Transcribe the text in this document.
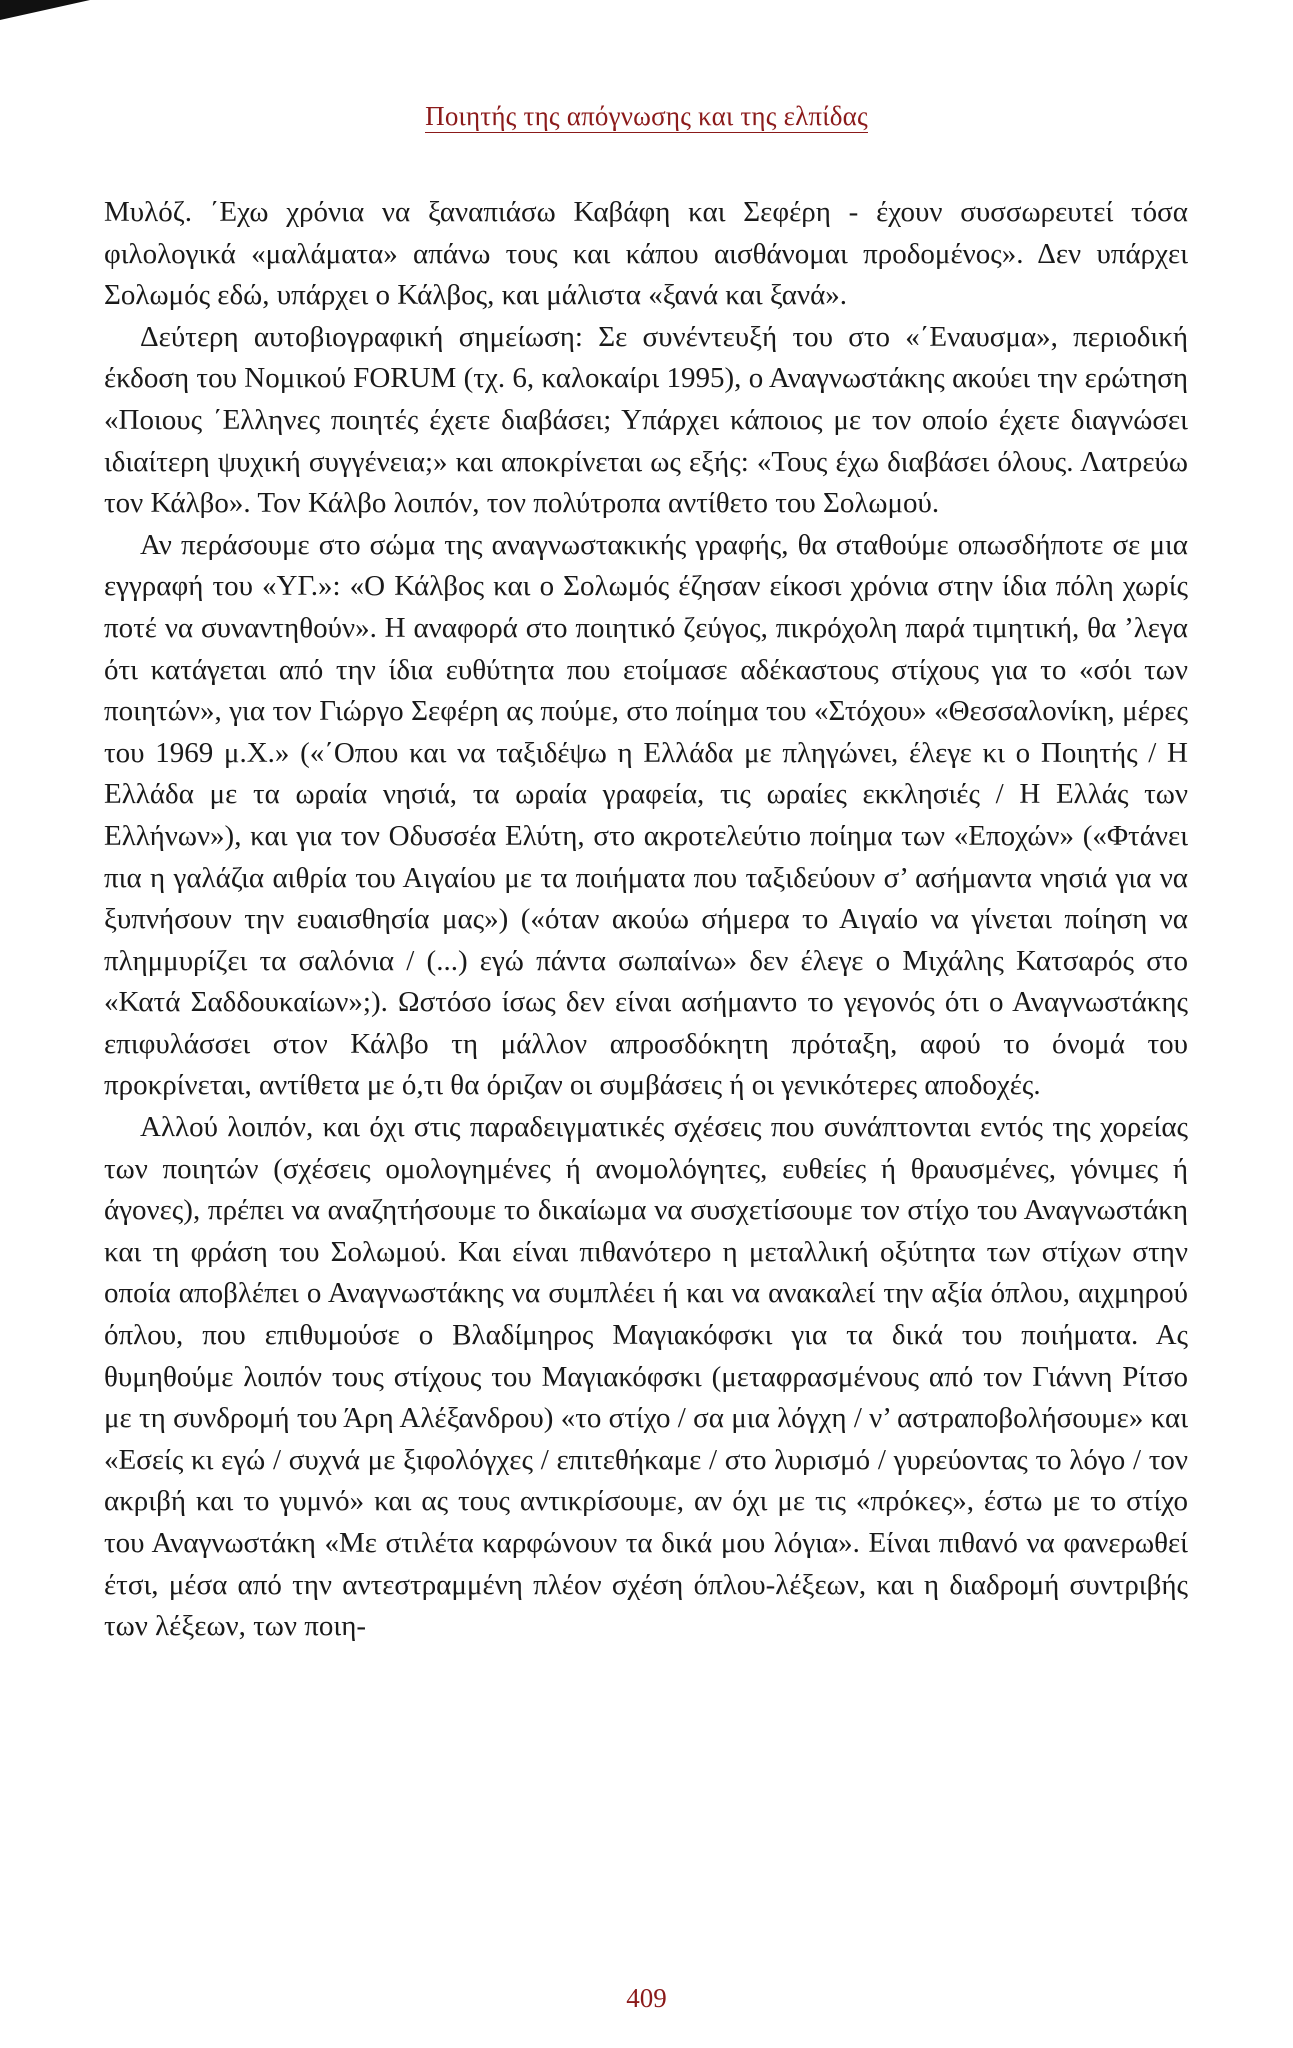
Ποιητής της απόγνωσης και της ελπίδας

Μυλόζ. ΄Εχω χρόνια να ξαναπιάσω Καβάφη και Σεφέρη - έχουν συσσωρευτεί τόσα φιλολογικά «μαλάματα» απάνω τους και κάπου αισθάνομαι προδομένος». Δεν υπάρχει Σολωμός εδώ, υπάρχει ο Κάλβος, και μάλιστα «ξανά και ξανά».

Δεύτερη αυτοβιογραφική σημείωση: Σε συνέντευξή του στο «΄Εναυσμα», περιοδική έκδοση του Νομικού FORUM (τχ. 6, καλοκαίρι 1995), ο Αναγνωστάκης ακούει την ερώτηση «Ποιους ΄Ελληνες ποιητές έχετε διαβάσει; Υπάρχει κάποιος με τον οποίο έχετε διαγνώσει ιδιαίτερη ψυχική συγγένεια;» και αποκρίνεται ως εξής: «Τους έχω διαβάσει όλους. Λατρεύω τον Κάλβο». Τον Κάλβο λοιπόν, τον πολύτροπα αντίθετο του Σολωμού.

Αν περάσουμε στο σώμα της αναγνωστακικής γραφής, θα σταθούμε οπωσδήποτε σε μια εγγραφή του «ΥΓ.»: «Ο Κάλβος και ο Σολωμός έζησαν είκοσι χρόνια στην ίδια πόλη χωρίς ποτέ να συναντηθούν». Η αναφορά στο ποιητικό ζεύγος, πικρόχολη παρά τιμητική, θα ’λεγα ότι κατάγεται από την ίδια ευθύτητα που ετοίμασε αδέκαστους στίχους για το «σόι των ποιητών», για τον Γιώργο Σεφέρη ας πούμε, στο ποίημα του «Στόχου» «Θεσσαλονίκη, μέρες του 1969 μ.Χ.» («΄Οπου και να ταξιδέψω η Ελλάδα με πληγώνει, έλεγε κι ο Ποιητής / Η Ελλάδα με τα ωραία νησιά, τα ωραία γραφεία, τις ωραίες εκκλησιές / Η Ελλάς των Ελλήνων»), και για τον Οδυσσέα Ελύτη, στο ακροτελεύτιο ποίημα των «Εποχών» («Φτάνει πια η γαλάζια αιθρία του Αιγαίου με τα ποιήματα που ταξιδεύουν σ’ ασήμαντα νησιά για να ξυπνήσουν την ευαισθησία μας») («όταν ακούω σήμερα το Αιγαίο να γίνεται ποίηση να πλημμυρίζει τα σαλόνια / (...) εγώ πάντα σωπαίνω» δεν έλεγε ο Μιχάλης Κατσαρός στο «Κατά Σαδδουκαίων»;). Ωστόσο ίσως δεν είναι ασήμαντο το γεγονός ότι ο Αναγνωστάκης επιφυλάσσει στον Κάλβο τη μάλλον απροσδόκητη πρόταξη, αφού το όνομά του προκρίνεται, αντίθετα με ό,τι θα όριζαν οι συμβάσεις ή οι γενικότερες αποδοχές.

Αλλού λοιπόν, και όχι στις παραδειγματικές σχέσεις που συνάπτονται εντός της χορείας των ποιητών (σχέσεις ομολογημένες ή ανομολόγητες, ευθείες ή θραυσμένες, γόνιμες ή άγονες), πρέπει να αναζητήσουμε το δικαίωμα να συσχετίσουμε τον στίχο του Αναγνωστάκη και τη φράση του Σολωμού. Και είναι πιθανότερο η μεταλλική οξύτητα των στίχων στην οποία αποβλέπει ο Αναγνωστάκης να συμπλέει ή και να ανακαλεί την αξία όπλου, αιχμηρού όπλου, που επιθυμούσε ο Βλαδίμηρος Μαγιακόφσκι για τα δικά του ποιήματα. Ας θυμηθούμε λοιπόν τους στίχους του Μαγιακόφσκι (μεταφρασμένους από τον Γιάννη Ρίτσο με τη συνδρομή του Άρη Αλέξανδρου) «το στίχο / σα μια λόγχη / ν’ αστραποβολήσουμε» και «Εσείς κι εγώ / συχνά με ξιφολόγχες / επιτεθήκαμε / στο λυρισμό / γυρεύοντας το λόγο / τον ακριβή και το γυμνό» και ας τους αντικρίσουμε, αν όχι με τις «πρόκες», έστω με το στίχο του Αναγνωστάκη «Με στιλέτα καρφώνουν τα δικά μου λόγια». Είναι πιθανό να φανερωθεί έτσι, μέσα από την αντεστραμμένη πλέον σχέση όπλου-λέξεων, και η διαδρομή συντριβής των λέξεων, των ποιη-

409
